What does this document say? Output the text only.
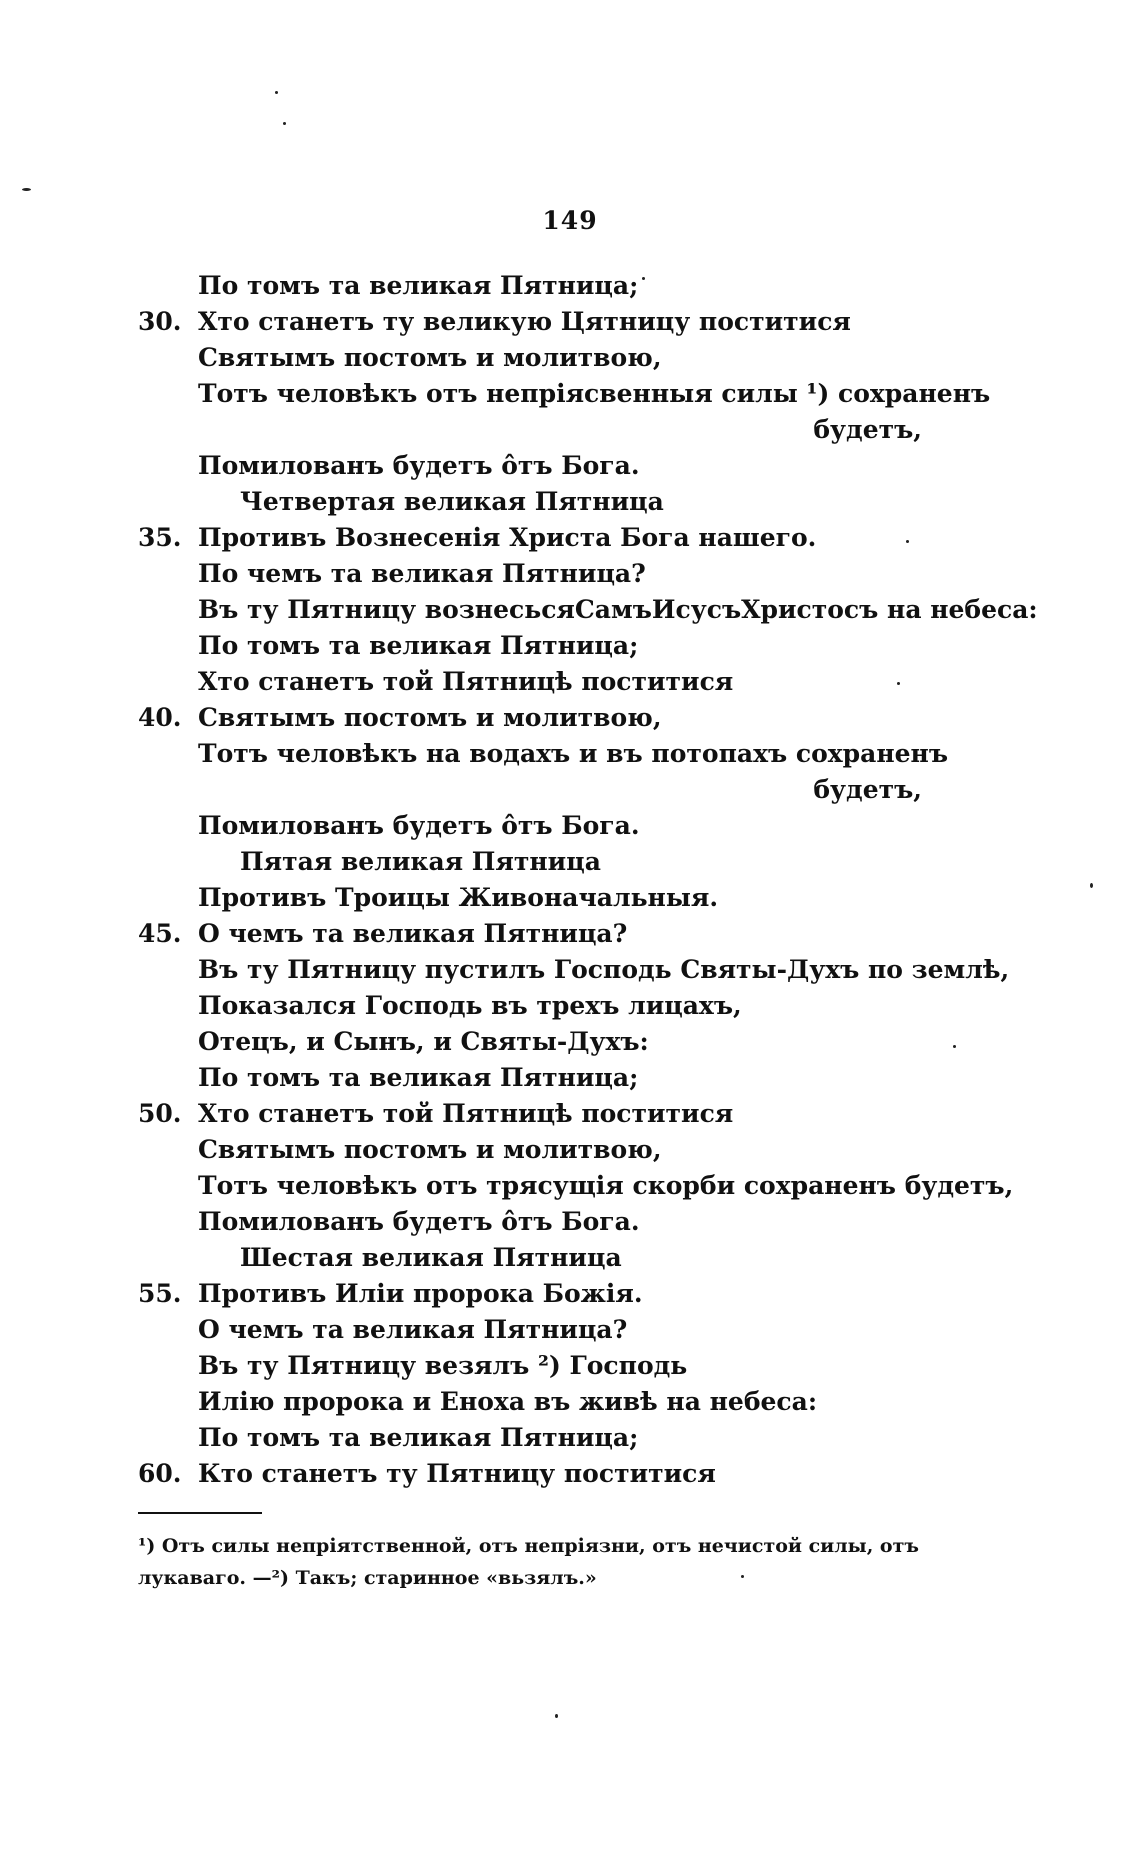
149
По томъ та великая Пятница;
30. Хто станетъ ту великую Цятницу поститися
Святымъ постомъ и молитвою,
Тотъ человѣкъ отъ непріясвенныя силы ¹) сохраненъ
будетъ,
Помилованъ будетъ о̂тъ Бога.
Четвертая великая Пятница
35. Противъ Вознесенія Христа Бога нашего.
По чемъ та великая Пятница?
Въ ту Пятницу вознесьсяСамъИсусъХристосъ на небеса:
По томъ та великая Пятница;
Хто станетъ той Пятницѣ поститися
40. Святымъ постомъ и молитвою,
Тотъ человѣкъ на водахъ и въ потопахъ сохраненъ
будетъ,
Помилованъ будетъ о̂тъ Бога.
Пятая великая Пятница
Противъ Троицы Живоначальныя.
45. О чемъ та великая Пятница?
Въ ту Пятницу пустилъ Господь Святы-Духъ по землѣ,
Показался Господь въ трехъ лицахъ,
Отецъ, и Сынъ, и Святы-Духъ:
По томъ та великая Пятница;
50. Хто станетъ той Пятницѣ поститися
Святымъ постомъ и молитвою,
Тотъ человѣкъ отъ трясущія скорби сохраненъ будетъ,
Помилованъ будетъ о̂тъ Бога.
Шестая великая Пятница
55. Противъ Иліи пророка Божія.
О чемъ та великая Пятница?
Въ ту Пятницу везялъ ²) Господь
Илію пророка и Еноха въ живѣ на небеса:
По томъ та великая Пятница;
60. Кто станетъ ту Пятницу поститися
¹) Отъ силы непріятственной, отъ непріязни, отъ нечистой силы, отъ
лукаваго. —²) Такъ; старинное «вьзялъ.»
